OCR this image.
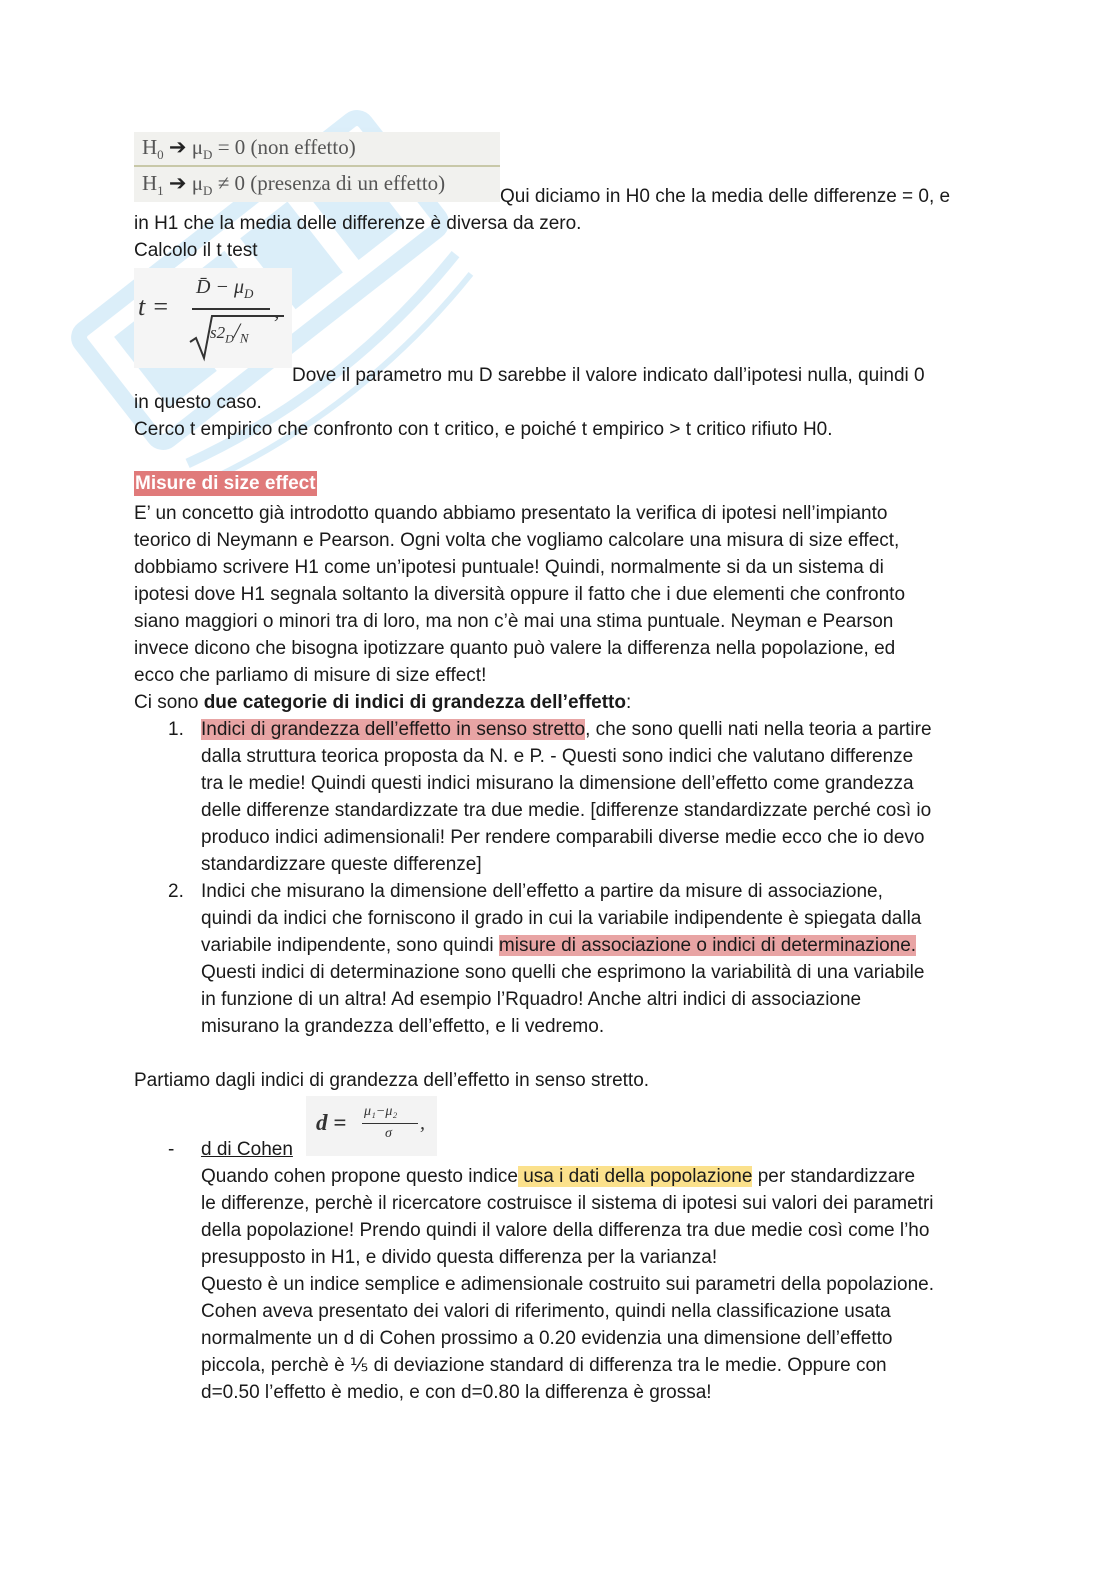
$H_0$ ➔ $\mu_D = 0$ (non effetto)
$H_1$ ➔ $\mu_D \ne 0$ (presenza di un effetto)
Qui diciamo in H0 che la media delle differenze = 0, e
in H1 che la media delle differenze è diversa da zero.
Calcolo il t test
t =
D̄ − $\mu_D$
$s2_D/_N$
,
Dove il parametro mu D sarebbe il valore indicato dall’ipotesi nulla, quindi 0
in questo caso.
Cerco t empirico che confronto con t critico, e poiché t empirico > t critico rifiuto H0.
Misure di size effect
E’ un concetto già introdotto quando abbiamo presentato la verifica di ipotesi nell’impianto
teorico di Neymann e Pearson. Ogni volta che vogliamo calcolare una misura di size effect,
dobbiamo scrivere H1 come un’ipotesi puntuale! Quindi, normalmente si da un sistema di
ipotesi dove H1 segnala soltanto la diversità oppure il fatto che i due elementi che confronto
siano maggiori o minori tra di loro, ma non c’è mai una stima puntuale. Neyman e Pearson
invece dicono che bisogna ipotizzare quanto può valere la differenza nella popolazione, ed
ecco che parliamo di misure di size effect!
Ci sono due categorie di indici di grandezza dell’effetto:
1. Indici di grandezza dell’effetto in senso stretto, che sono quelli nati nella teoria a partire
dalla struttura teorica proposta da N. e P. - Questi sono indici che valutano differenze
tra le medie! Quindi questi indici misurano la dimensione dell’effetto come grandezza
delle differenze standardizzate tra due medie. [differenze standardizzate perché così io
produco indici adimensionali! Per rendere comparabili diverse medie ecco che io devo
standardizzare queste differenze]
2. Indici che misurano la dimensione dell’effetto a partire da misure di associazione,
quindi da indici che forniscono il grado in cui la variabile indipendente è spiegata dalla
variabile indipendente, sono quindi misure di associazione o indici di determinazione.
Questi indici di determinazione sono quelli che esprimono la variabilità di una variabile
in funzione di un altra! Ad esempio l’Rquadro! Anche altri indici di associazione
misurano la grandezza dell’effetto, e li vedremo.
Partiamo dagli indici di grandezza dell’effetto in senso stretto.
- d di Cohen
d = μ₁−μ₂
σ ,
Quando cohen propone questo indice usa i dati della popolazione per standardizzare
le differenze, perchè il ricercatore costruisce il sistema di ipotesi sui valori dei parametri
della popolazione! Prendo quindi il valore della differenza tra due medie così come l’ho
presupposto in H1, e divido questa differenza per la varianza!
Questo è un indice semplice e adimensionale costruito sui parametri della popolazione.
Cohen aveva presentato dei valori di riferimento, quindi nella classificazione usata
normalmente un d di Cohen prossimo a 0.20 evidenzia una dimensione dell’effetto
piccola, perchè è ⅕ di deviazione standard di differenza tra le medie. Oppure con
d=0.50 l’effetto è medio, e con d=0.80 la differenza è grossa!
